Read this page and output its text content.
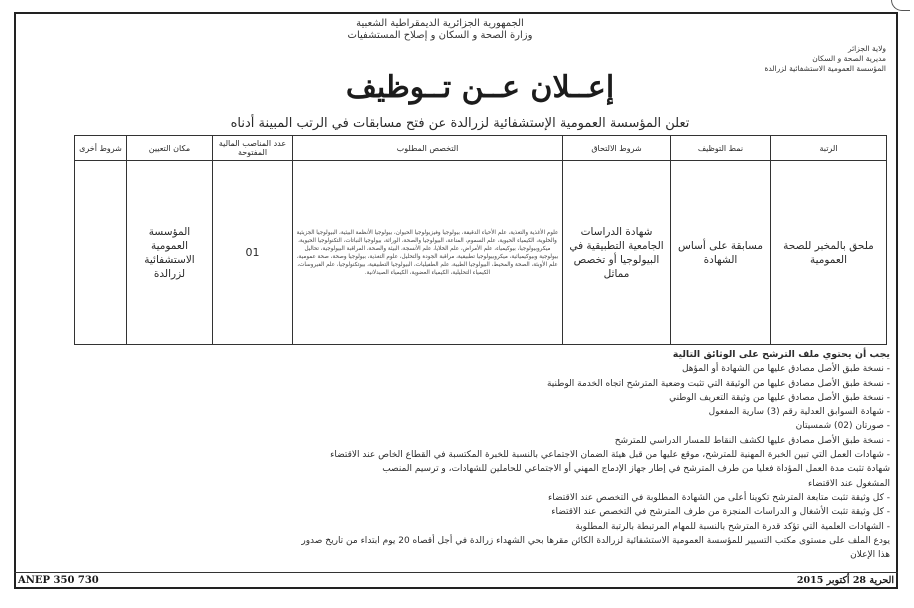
الجمهورية الجزائرية الديمقراطية الشعبية
وزارة الصحة و السكان و إصلاح المستشفيات
ولاية الجزائر
مديرية الصحة و السكان
المؤسسة العمومية الاستشفائية لزرالدة
إعــلان عــن تــوظيف
تعلن المؤسسة العمومية الإستشفائية لزرالدة عن فتح مسابقات في الرتب المبينة أدناه
الرتبة	نمط التوظيف	شروط الالتحاق	التخصص المطلوب	عدد المناصب المالية المفتوحة	مكان التعيين	شروط أخرى
ملحق بالمخبر للصحة العمومية	مسابقة على أساس الشهادة	شهادة الدراسات الجامعية التطبيقية في البيولوجيا أو تخصص مماثل	علوم الأغذية والتغذية، علم الأحياء الدقيقة، بيولوجيا وفيزيولوجيا الحيوان، بيولوجيا الأنظمة البيئية، البيولوجيا الجزيئية والخلوية، الكيمياء الحيوية، علم السموم، المناعة، البيولوجيا والصحة، الوراثة، بيولوجيا النباتات، التكنولوجيا الحيوية، ميكروبيولوجيا، بيوكيمياء، علم الأمراض، علم الخلايا، علم الأنسجة، البيئة والصحة، المراقبة البيولوجية، تحاليل بيولوجية وبيوكيميائية، ميكروبيولوجيا تطبيقية، مراقبة الجودة والتحليل، علوم التغذية، بيولوجيا وصحة، صحة عمومية، علم الأوبئة، الصحة والمحيط، البيولوجيا الطبية، علم الطفيليات، البيولوجيا التطبيقية، بيوتكنولوجيا، علم الفيروسات، الكيمياء التحليلية، الكيمياء العضوية، الكيمياء الصيدلانية.	01	المؤسسة العمومية الاستشفائية لزرالدة	
يجب أن يحتوي ملف الترشح على الوثائق التالية
- نسخة طبق الأصل مصادق عليها من الشهادة أو المؤهل
- نسخة طبق الأصل مصادق عليها من الوثيقة التي تثبت وضعية المترشح اتجاه الخدمة الوطنية
- نسخة طبق الأصل مصادق عليها من وثيقة التعريف الوطني
- شهادة السوابق العدلية رقم (3) سارية المفعول
- صورتان (02) شمسيتان
- نسخة طبق الأصل مصادق عليها لكشف النقاط للمسار الدراسي للمترشح
- شهادات العمل التي تبين الخبرة المهنية للمترشح، موقع عليها من قبل هيئة الضمان الاجتماعي بالنسبة للخبرة المكتسبة في القطاع الخاص عند الاقتضاء
شهادة تثبت مدة العمل المؤداة فعليا من طرف المترشح في إطار جهاز الإدماج المهني أو الاجتماعي للحاملين للشهادات، و ترسيم المنصب
المشغول عند الاقتضاء
- كل وثيقة تثبت متابعة المترشح تكوينا أعلى من الشهادة المطلوبة في التخصص عند الاقتضاء
- كل وثيقة تثبت الأشغال و الدراسات المنجزة من طرف المترشح في التخصص عند الاقتضاء
- الشهادات العلمية التي تؤكد قدرة المترشح بالنسبة للمهام المرتبطة بالرتبة المطلوبة
يودع الملف على مستوى مكتب التسيير للمؤسسة العمومية الاستشفائية لزرالدة الكائن مقرها بحي الشهداء زرالدة في أجل أقصاه 20 يوم ابتداء من تاريخ صدور
هذا الإعلان
ANEP 350 730	الحرية 28 أكتوبر 2015
